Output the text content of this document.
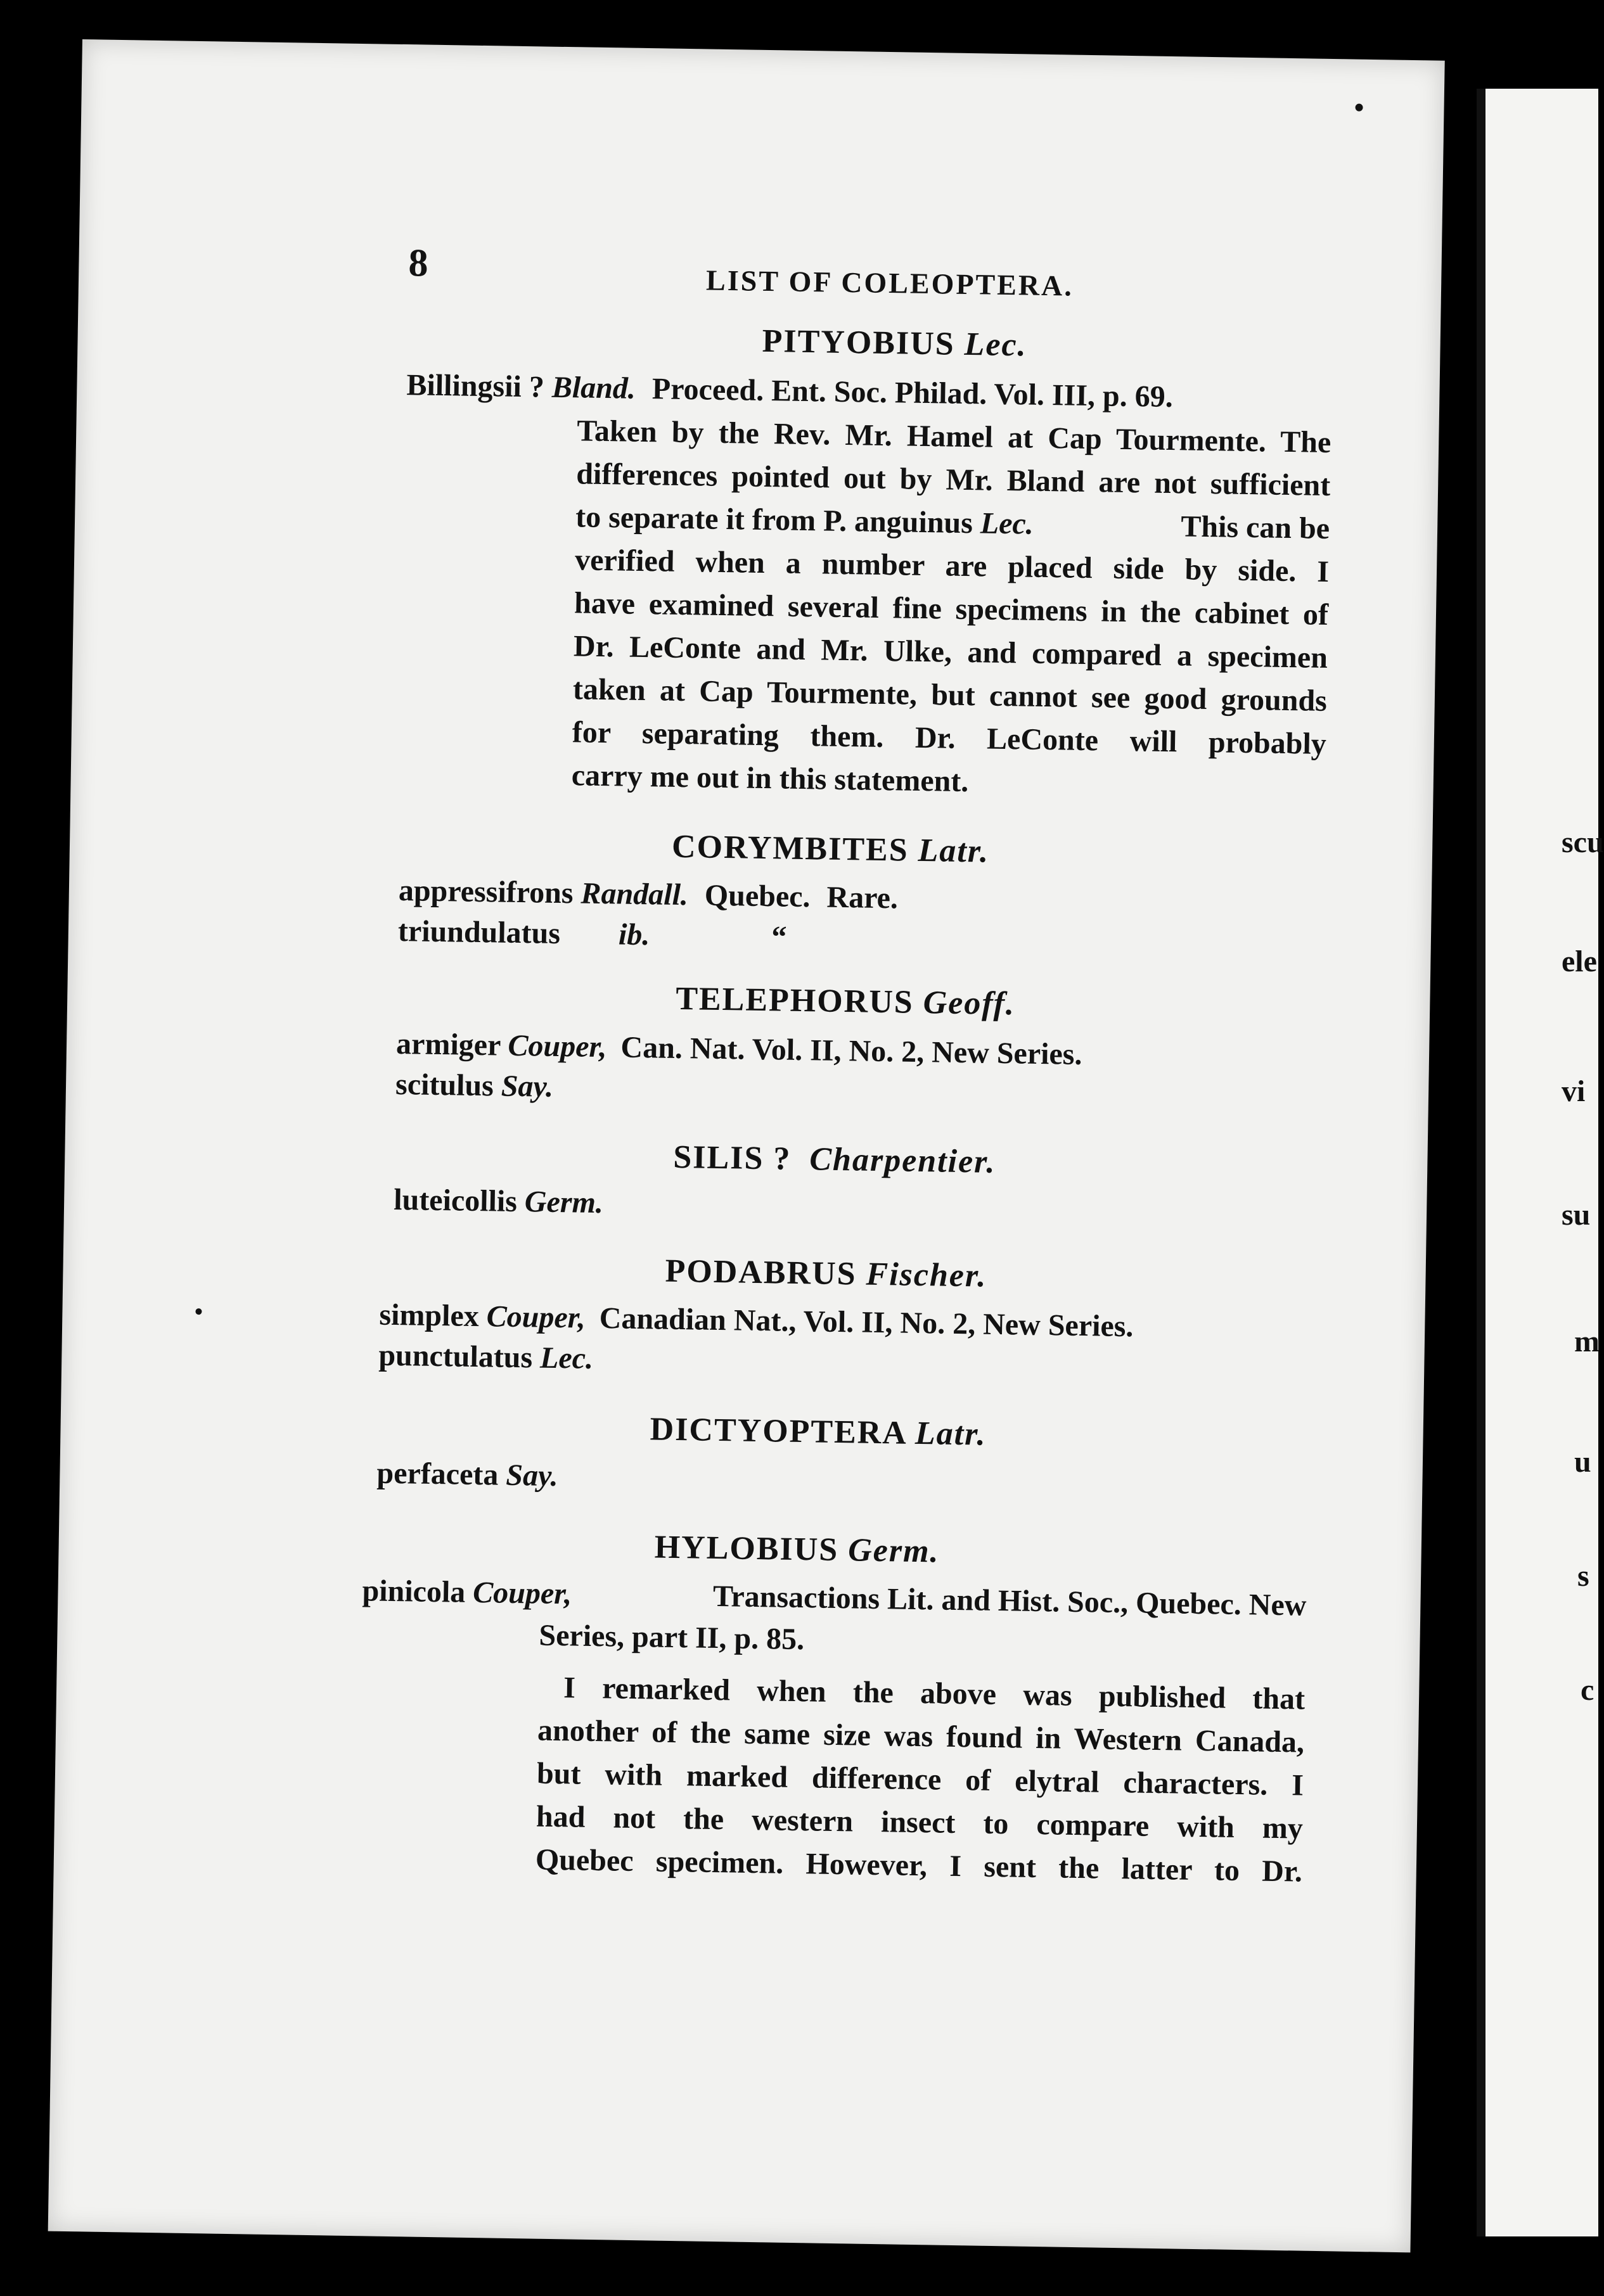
8	LIST OF COLEOPTERA.
PITYOBIUS Lec.
Billingsii ? Bland. Proceed. Ent. Soc. Philad. Vol. III, p. 69.
Taken by the Rev. Mr. Hamel at Cap Tourmente. The
differences pointed out by Mr. Bland are not sufficient
to separate it from P. anguinus Lec.	This can be
verified when a number are placed side by side. I
have examined several fine specimens in the cabinet of
Dr. LeConte and Mr. Ulke, and compared a specimen
taken at Cap Tourmente, but cannot see good grounds
for separating them. Dr. LeConte will probably
carry me out in this statement.
CORYMBITES Latr.
appressifrons Randall. Quebec. Rare.
triundulatus ib.	“
TELEPHORUS Geoff.
armiger Couper, Can. Nat. Vol. II, No. 2, New Series.
scitulus Say.
SILIS ? Charpentier.
luteicollis Germ.
PODABRUS Fischer.
simplex Couper, Canadian Nat., Vol. II, No. 2, New Series.
punctulatus Lec.
DICTYOPTERA Latr.
perfaceta Say.
HYLOBIUS Germ.
pinicola Couper,	Transactions Lit. and Hist. Soc., Quebec. New
Series, part II, p. 85.
I remarked when the above was published that
another of the same size was found in Western Canada,
but with marked difference of elytral characters. I
had not the western insect to compare with my
Quebec specimen. However, I sent the latter to Dr.
scu
ele
vi
su
m
u
s
c
